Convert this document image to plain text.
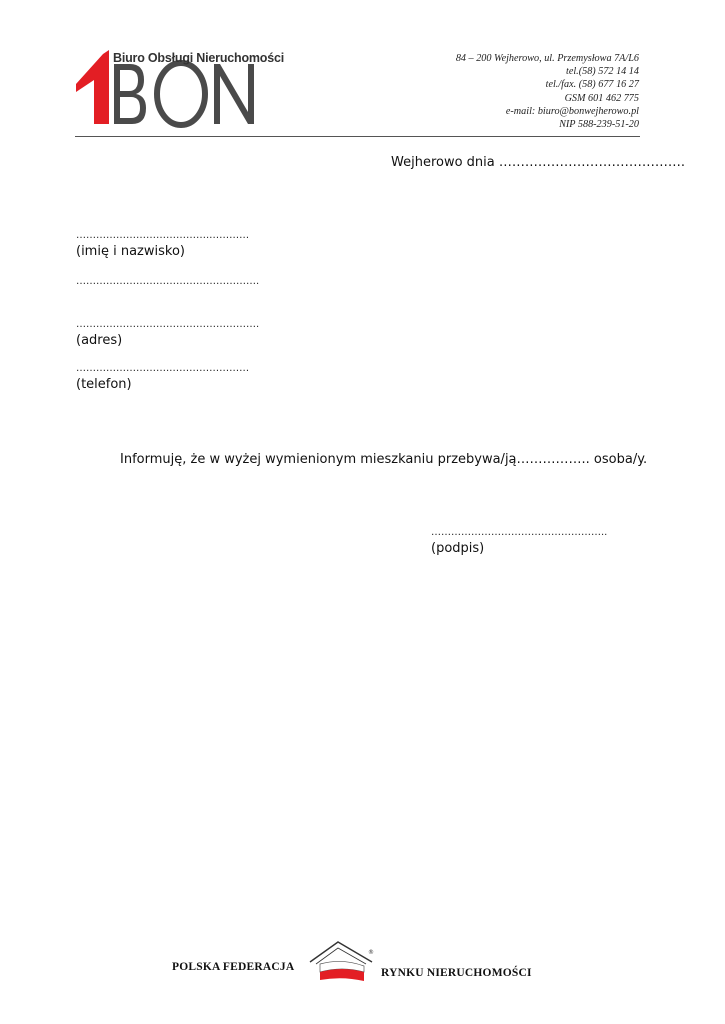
Biuro Obsługi Nieruchomości	84 – 200 Wejherowo, ul. Przemysłowa 7A/L6
tel.(58) 572 14 14
tel./fax. (58) 677 16 27
GSM 601 462 775
e-mail: biuro@bonwejherowo.pl
NIP 588-239-51-20
Wejherowo dnia …………………………………….
………………………………….…………
(imię i nazwisko)
……………………………………………….
……………………………………………….
(adres)
……………………….……………………
(telefon)
Informuję, że w wyżej wymienionym mieszkaniu przebywa/ją…………….. osoba/y.
……………………………………………..
(podpis)
POLSKA FEDERACJA
®
RYNKU NIERUCHOMOŚCI
